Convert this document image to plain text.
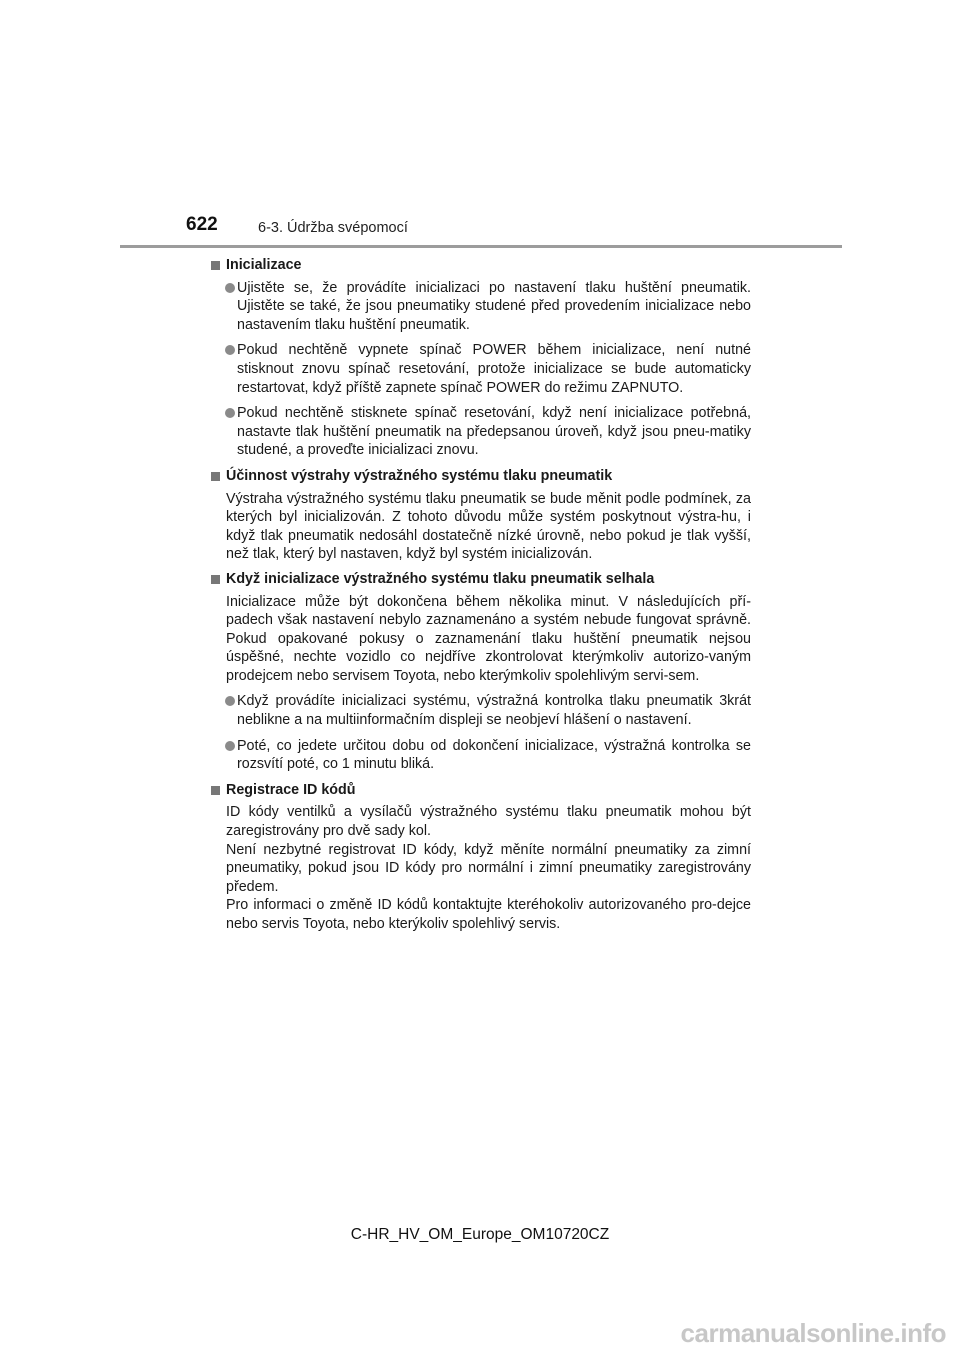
622	6-3. Údržba svépomocí
Inicializace
Ujistěte se, že provádíte inicializaci po nastavení tlaku huštění pneumatik. Ujistěte se také, že jsou pneumatiky studené před provedením inicializace nebo nastavením tlaku huštění pneumatik.
Pokud nechtěně vypnete spínač POWER během inicializace, není nutné stisknout znovu spínač resetování, protože inicializace se bude automaticky restartovat, když příště zapnete spínač POWER do režimu ZAPNUTO.
Pokud nechtěně stisknete spínač resetování, když není inicializace potřebná, nastavte tlak huštění pneumatik na předepsanou úroveň, když jsou pneu-matiky studené, a proveďte inicializaci znovu.
Účinnost výstrahy výstražného systému tlaku pneumatik

Výstraha výstražného systému tlaku pneumatik se bude měnit podle podmínek, za kterých byl inicializován. Z tohoto důvodu může systém poskytnout výstra-hu, i když tlak pneumatik nedosáhl dostatečně nízké úrovně, nebo pokud je tlak vyšší, než tlak, který byl nastaven, když byl systém inicializován.

Když inicializace výstražného systému tlaku pneumatik selhala

Inicializace může být dokončena během několika minut. V následujících pří-padech však nastavení nebylo zaznamenáno a systém nebude fungovat správně. Pokud opakované pokusy o zaznamenání tlaku huštění pneumatik nejsou úspěšné, nechte vozidlo co nejdříve zkontrolovat kterýmkoliv autorizo-vaným prodejcem nebo servisem Toyota, nebo kterýmkoliv spolehlivým servi-sem.

Když provádíte inicializaci systému, výstražná kontrolka tlaku pneumatik 3krát neblikne a na multiinformačním displeji se neobjeví hlášení o nastavení.
Poté, co jedete určitou dobu od dokončení inicializace, výstražná kontrolka se rozsvítí poté, co 1 minutu bliká.
Registrace ID kódů

ID kódy ventilků a vysílačů výstražného systému tlaku pneumatik mohou být zaregistrovány pro dvě sady kol.

Není nezbytné registrovat ID kódy, když měníte normální pneumatiky za zimní pneumatiky, pokud jsou ID kódy pro normální i zimní pneumatiky zaregistrovány předem.

Pro informaci o změně ID kódů kontaktujte kteréhokoliv autorizovaného pro-dejce nebo servis Toyota, nebo kterýkoliv spolehlivý servis.

C-HR_HV_OM_Europe_OM10720CZ
carmanualsonline.info
